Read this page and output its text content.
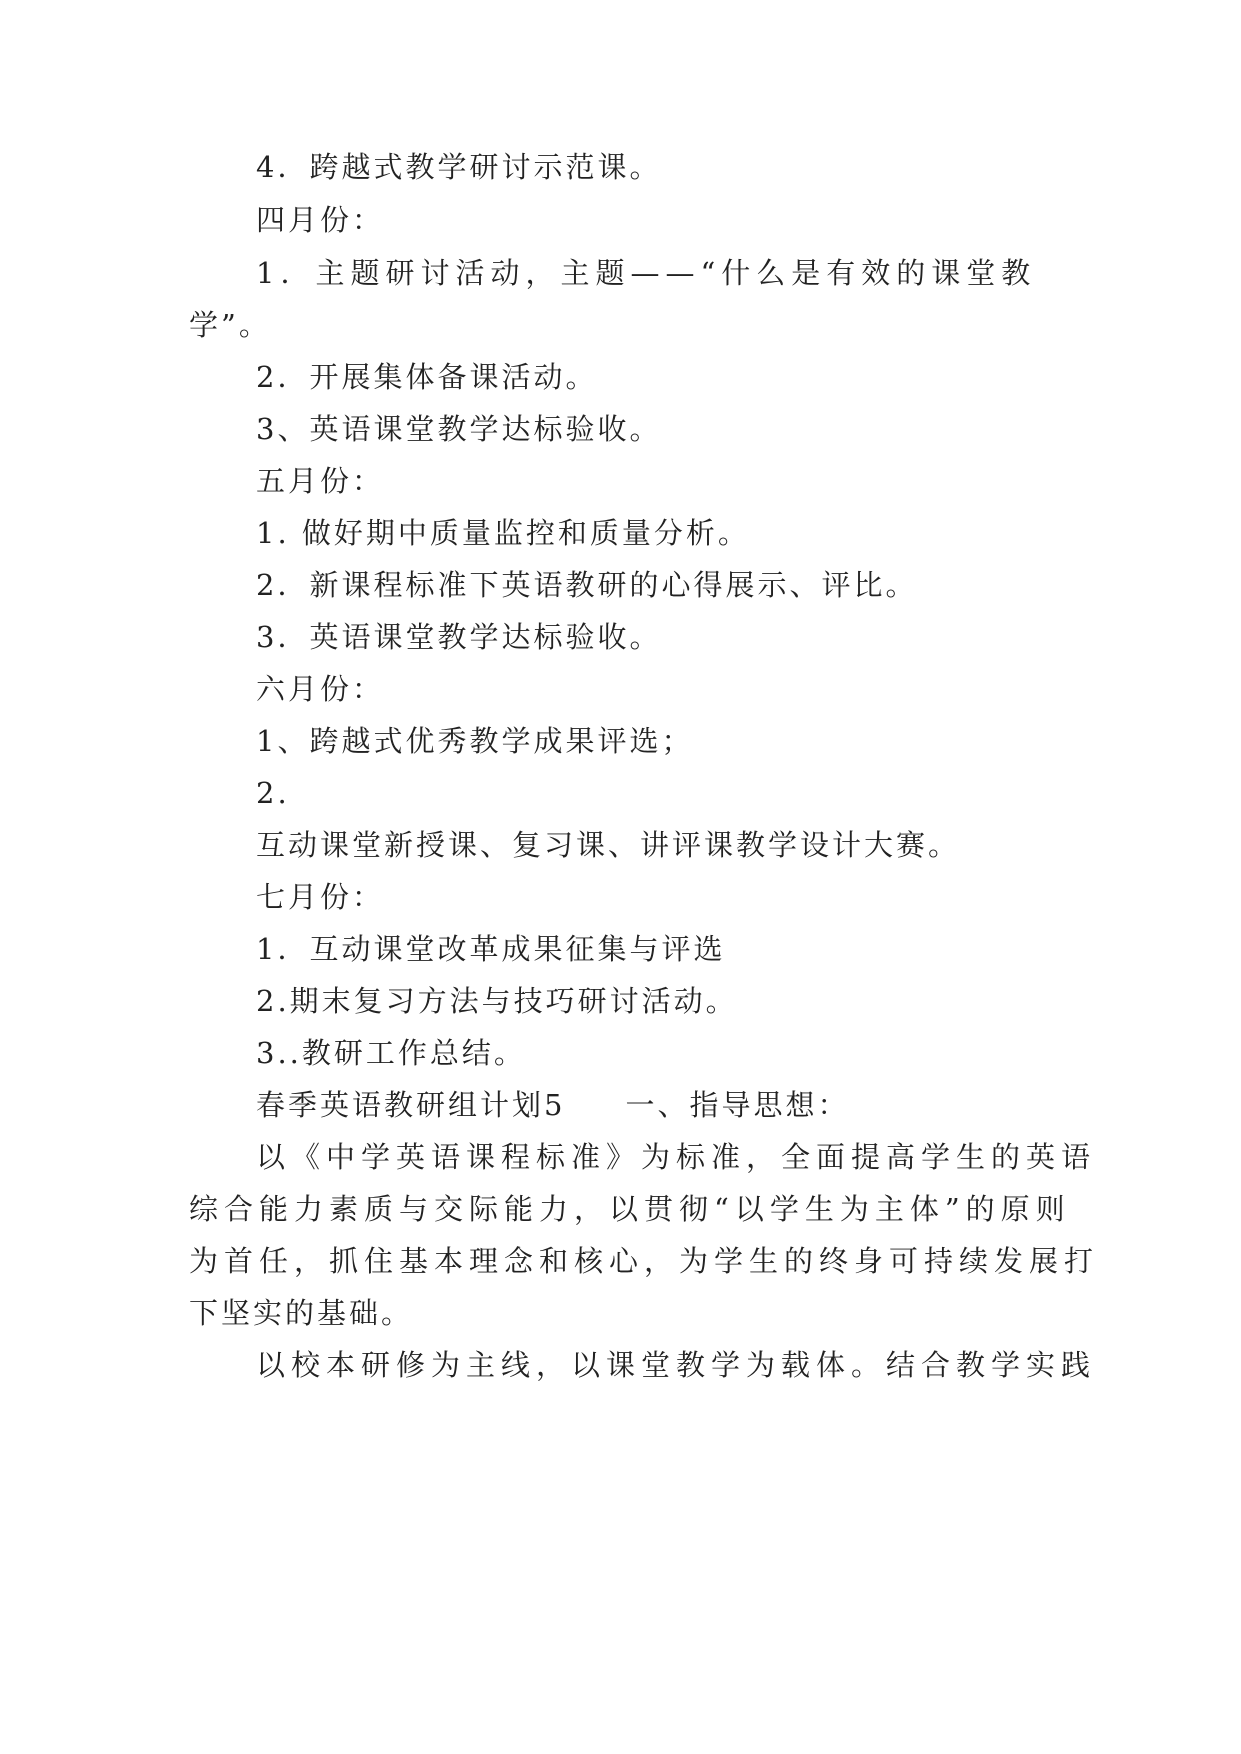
4．跨越式教学研讨示范课。
四月份：
1．主题研讨活动，主题——“什么是有效的课堂教
学”。
2．开展集体备课活动。
3、英语课堂教学达标验收。
五月份：
1. 做好期中质量监控和质量分析。
2．新课程标准下英语教研的心得展示、评比。
3．英语课堂教学达标验收。
六月份：
1、跨越式优秀教学成果评选；
2.
互动课堂新授课、复习课、讲评课教学设计大赛。
七月份：
1．互动课堂改革成果征集与评选
2.期末复习方法与技巧研讨活动。
3..教研工作总结。
春季英语教研组计划5 一、指导思想：
以《中学英语课程标准》为标准，全面提高学生的英语
综合能力素质与交际能力，以贯彻“以学生为主体”的原则
为首任，抓住基本理念和核心，为学生的终身可持续发展打
下坚实的基础。
以校本研修为主线，以课堂教学为载体。结合教学实践
